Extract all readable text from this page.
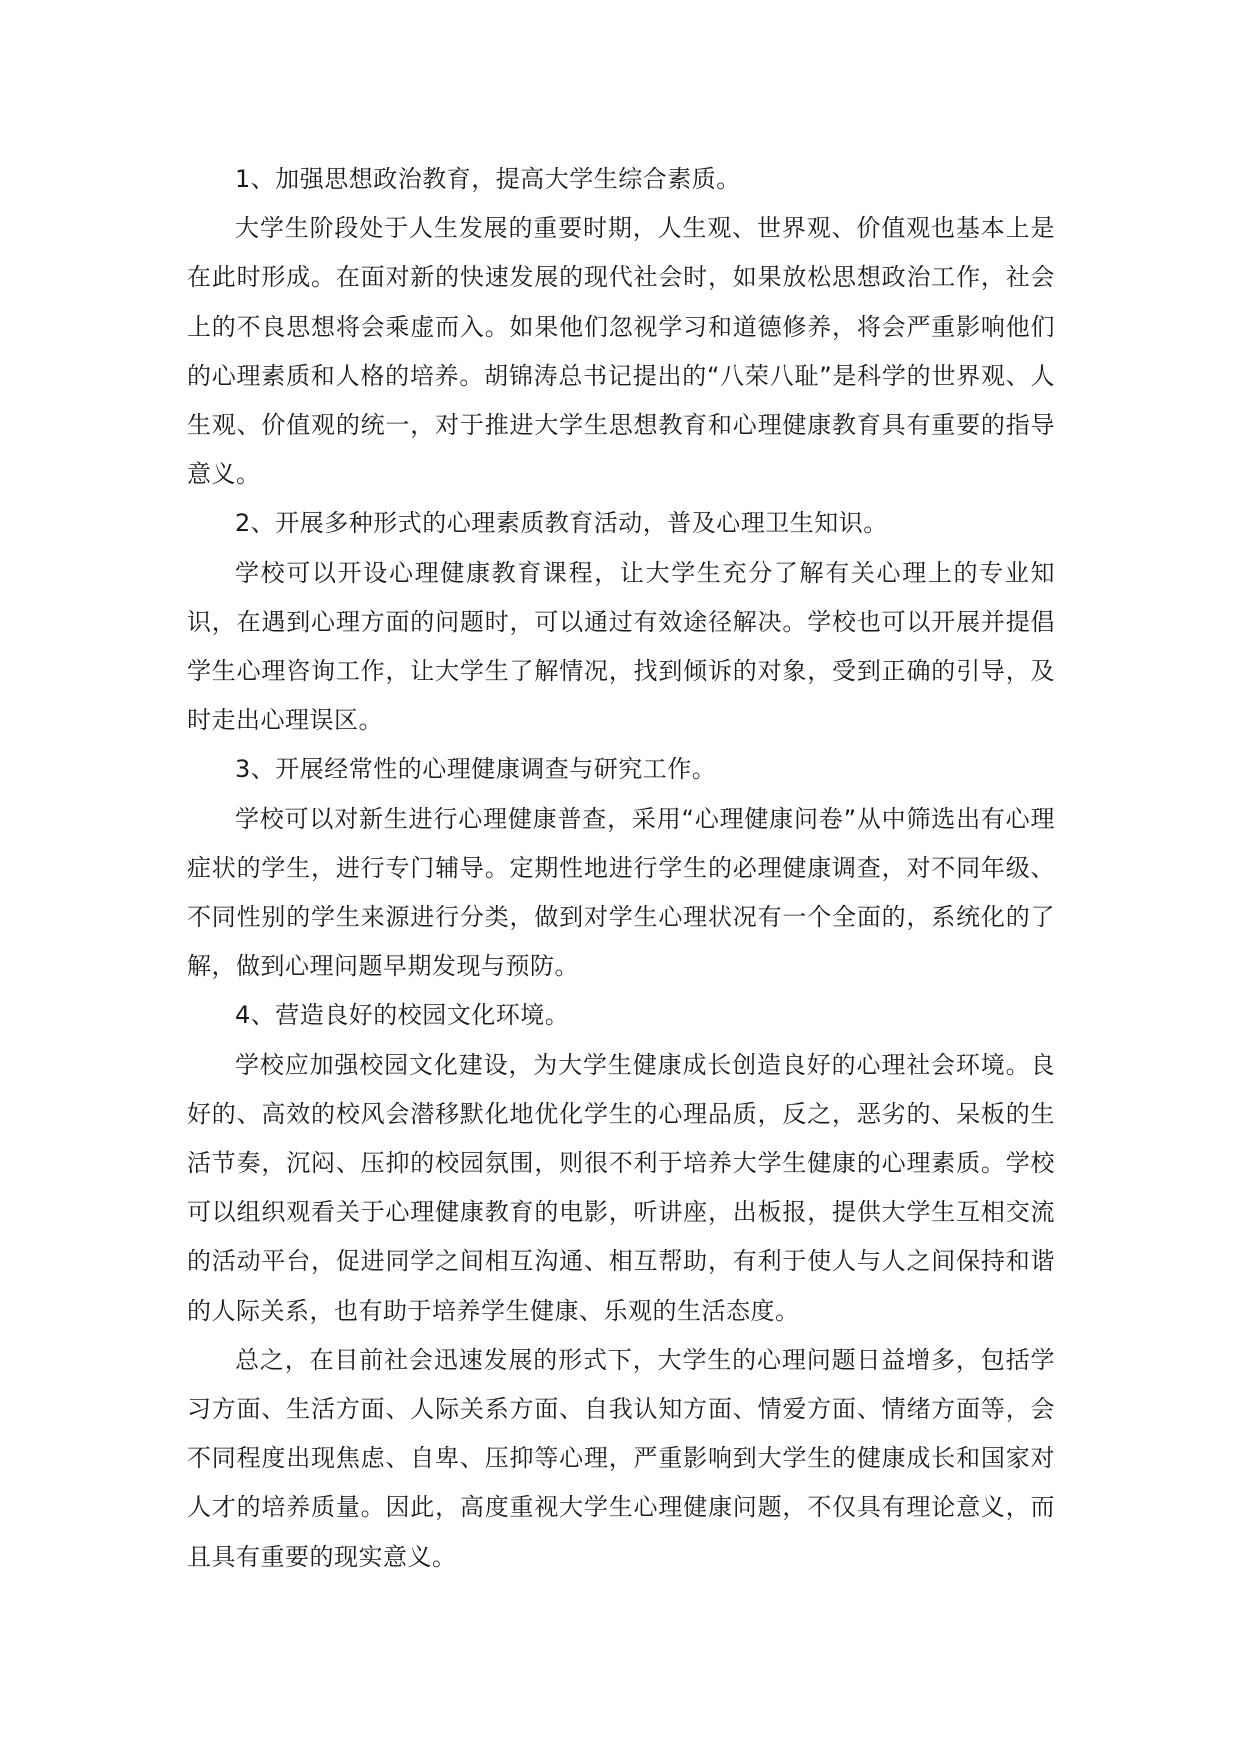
1、加强思想政治教育，提高大学生综合素质。

大学生阶段处于人生发展的重要时期，人生观、世界观、价值观也基本上是在此时形成。在面对新的快速发展的现代社会时，如果放松思想政治工作，社会上的不良思想将会乘虚而入。如果他们忽视学习和道德修养，将会严重影响他们的心理素质和人格的培养。胡锦涛总书记提出的“八荣八耻”是科学的世界观、人生观、价值观的统一，对于推进大学生思想教育和心理健康教育具有重要的指导意义。

2、开展多种形式的心理素质教育活动，普及心理卫生知识。

学校可以开设心理健康教育课程，让大学生充分了解有关心理上的专业知识，在遇到心理方面的问题时，可以通过有效途径解决。学校也可以开展并提倡学生心理咨询工作，让大学生了解情况，找到倾诉的对象，受到正确的引导，及时走出心理误区。

3、开展经常性的心理健康调查与研究工作。

学校可以对新生进行心理健康普查，采用“心理健康问卷”从中筛选出有心理症状的学生，进行专门辅导。定期性地进行学生的必理健康调查，对不同年级、不同性别的学生来源进行分类，做到对学生心理状况有一个全面的，系统化的了解，做到心理问题早期发现与预防。

4、营造良好的校园文化环境。

学校应加强校园文化建设，为大学生健康成长创造良好的心理社会环境。良好的、高效的校风会潜移默化地优化学生的心理品质，反之，恶劣的、呆板的生活节奏，沉闷、压抑的校园氛围，则很不利于培养大学生健康的心理素质。学校可以组织观看关于心理健康教育的电影，听讲座，出板报，提供大学生互相交流的活动平台，促进同学之间相互沟通、相互帮助，有利于使人与人之间保持和谐的人际关系，也有助于培养学生健康、乐观的生活态度。

总之，在目前社会迅速发展的形式下，大学生的心理问题日益增多，包括学习方面、生活方面、人际关系方面、自我认知方面、情爱方面、情绪方面等，会不同程度出现焦虑、自卑、压抑等心理，严重影响到大学生的健康成长和国家对人才的培养质量。因此，高度重视大学生心理健康问题，不仅具有理论意义，而且具有重要的现实意义。
